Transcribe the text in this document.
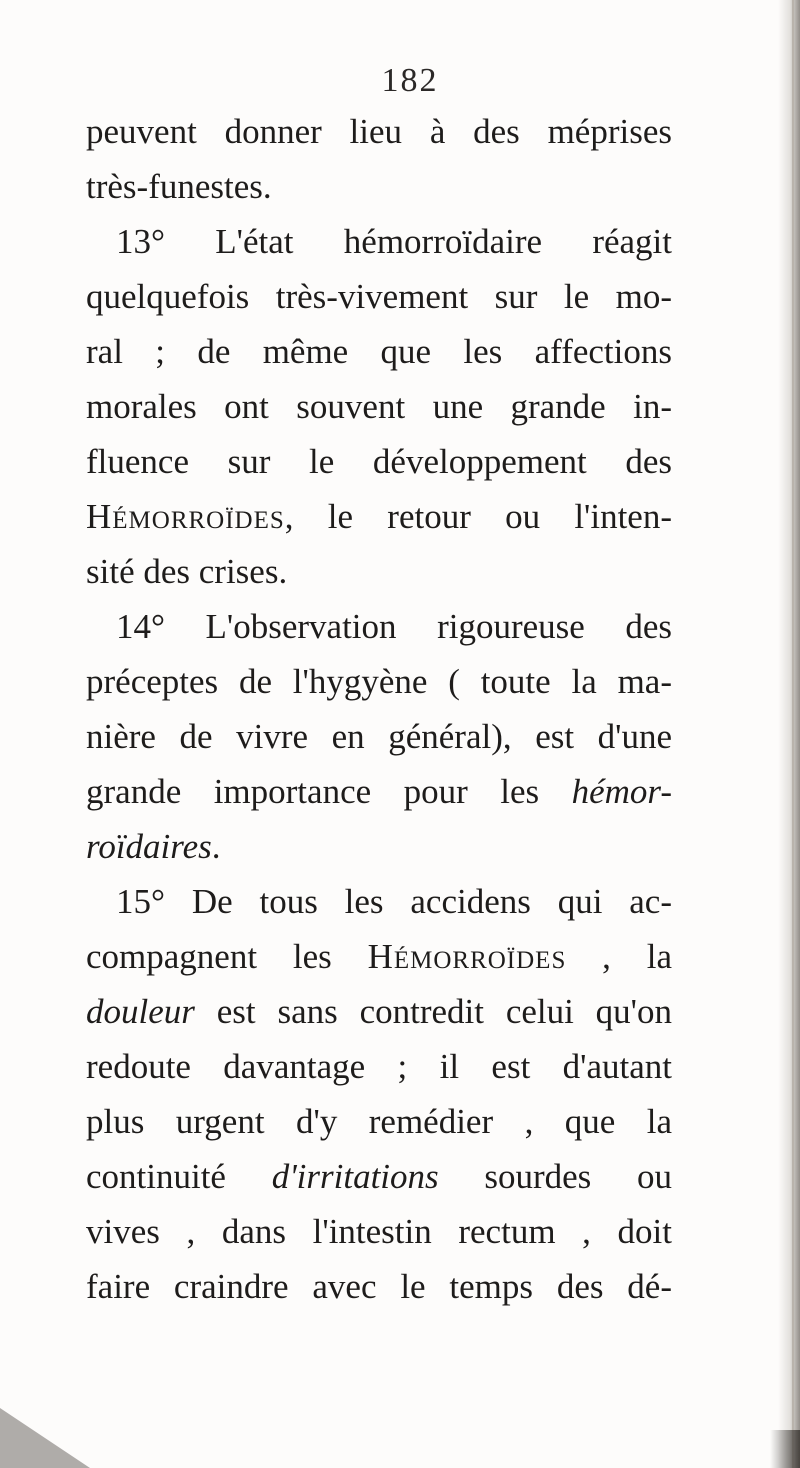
182
peuvent donner lieu à des méprises
très-funestes.
13° L'état hémorroïdaire réagit
quelquefois très-vivement sur le mo-
ral ; de même que les affections
morales ont souvent une grande in-
fluence sur le développement des
Hémorroïdes, le retour ou l'inten-
sité des crises.
14° L'observation rigoureuse des
préceptes de l'hygyène ( toute la ma-
nière de vivre en général), est d'une
grande importance pour les hémor-
roïdaires.
15° De tous les accidens qui ac-
compagnent les Hémorroïdes , la
douleur est sans contredit celui qu'on
redoute davantage ; il est d'autant
plus urgent d'y remédier , que la
continuité d'irritations sourdes ou
vives , dans l'intestin rectum , doit
faire craindre avec le temps des dé-
